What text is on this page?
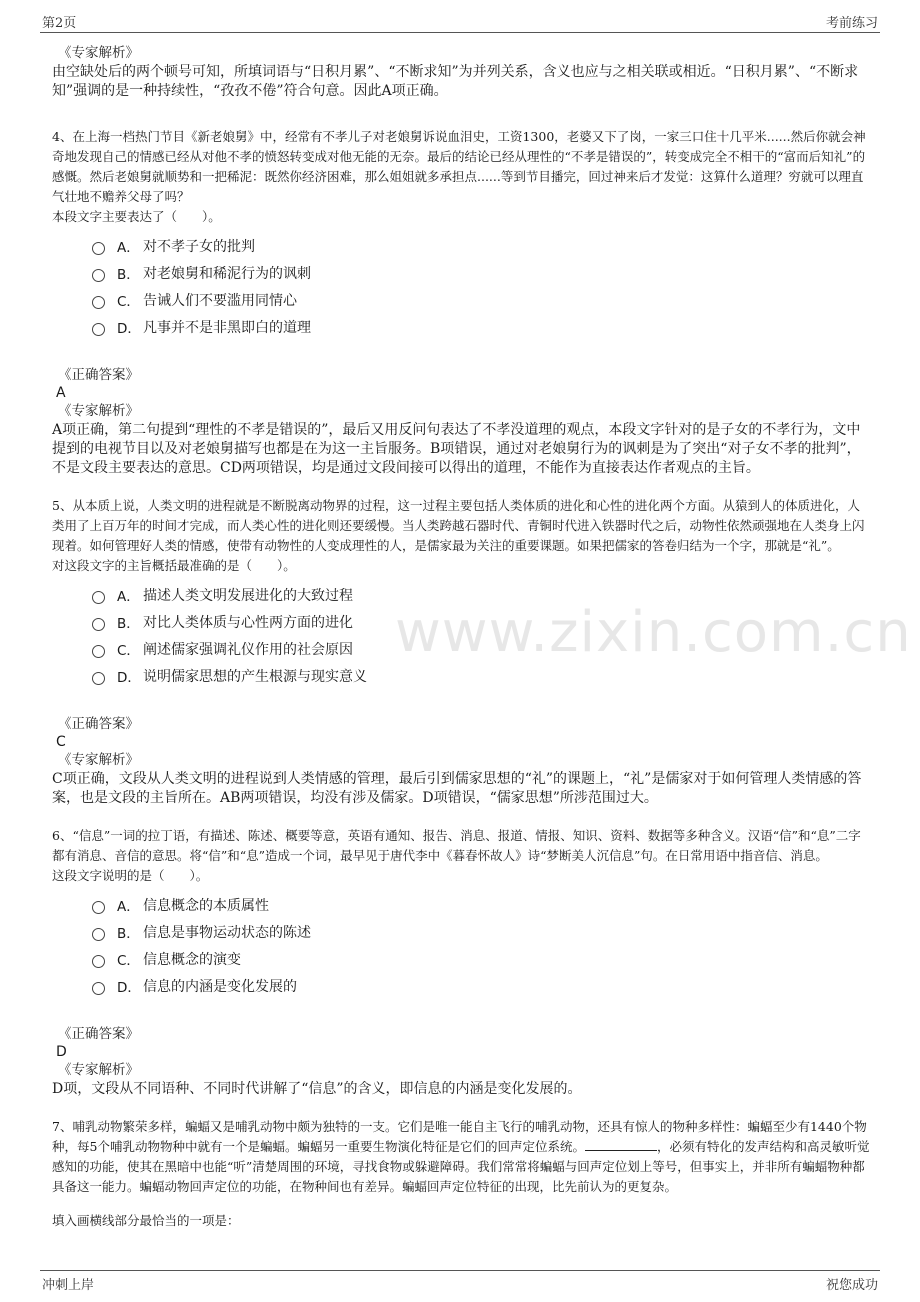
第2页	考前练习
www.zixin.com.cn
《专家解析》
由空缺处后的两个顿号可知，所填词语与“日积月累”、“不断求知”为并列关系，含义也应与之相关联或相近。“日积月累”、“不断求知”强调的是一种持续性，“孜孜不倦”符合句意。因此A项正确。
4、在上海一档热门节目《新老娘舅》中，经常有不孝儿子对老娘舅诉说血泪史，工资1300，老婆又下了岗，一家三口住十几平米......然后你就会神奇地发现自己的情感已经从对他不孝的愤怒转变成对他无能的无奈。最后的结论已经从理性的“不孝是错误的”，转变成完全不相干的“富而后知礼”的感慨。然后老娘舅就顺势和一把稀泥：既然你经济困难，那么姐姐就多承担点......等到节目播完，回过神来后才发觉：这算什么道理？穷就可以理直气壮地不赡养父母了吗？
本段文字主要表达了（　　）。
A． 对不孝子女的批判
B． 对老娘舅和稀泥行为的讽刺
C． 告诫人们不要滥用同情心
D． 凡事并不是非黑即白的道理
《正确答案》
A
《专家解析》
A项正确，第二句提到“理性的不孝是错误的”，最后又用反问句表达了不孝没道理的观点，本段文字针对的是子女的不孝行为，文中提到的电视节目以及对老娘舅描写也都是在为这一主旨服务。B项错误，通过对老娘舅行为的讽刺是为了突出“对子女不孝的批判”，不是文段主要表达的意思。CD两项错误，均是通过文段间接可以得出的道理，不能作为直接表达作者观点的主旨。
5、从本质上说，人类文明的进程就是不断脱离动物界的过程，这一过程主要包括人类体质的进化和心性的进化两个方面。从猿到人的体质进化，人类用了上百万年的时间才完成，而人类心性的进化则还要缓慢。当人类跨越石器时代、青铜时代进入铁器时代之后，动物性依然顽强地在人类身上闪现着。如何管理好人类的情感，使带有动物性的人变成理性的人，是儒家最为关注的重要课题。如果把儒家的答卷归结为一个字，那就是“礼”。
对这段文字的主旨概括最准确的是（　　）。
A． 描述人类文明发展进化的大致过程
B． 对比人类体质与心性两方面的进化
C． 阐述儒家强调礼仪作用的社会原因
D． 说明儒家思想的产生根源与现实意义
《正确答案》
C
《专家解析》
C项正确，文段从人类文明的进程说到人类情感的管理，最后引到儒家思想的“礼”的课题上，“礼”是儒家对于如何管理人类情感的答案，也是文段的主旨所在。AB两项错误，均没有涉及儒家。D项错误，“儒家思想”所涉范围过大。
6、“信息”一词的拉丁语，有描述、陈述、概要等意，英语有通知、报告、消息、报道、情报、知识、资料、数据等多种含义。汉语“信”和“息”二字都有消息、音信的意思。将“信”和“息”造成一个词，最早见于唐代李中《暮春怀故人》诗“梦断美人沉信息”句。在日常用语中指音信、消息。
这段文字说明的是（　　）。
A． 信息概念的本质属性
B． 信息是事物运动状态的陈述
C． 信息概念的演变
D． 信息的内涵是变化发展的
《正确答案》
D
《专家解析》
D项，文段从不同语种、不同时代讲解了“信息”的含义，即信息的内涵是变化发展的。
7、哺乳动物繁荣多样，蝙蝠又是哺乳动物中颇为独特的一支。它们是唯一能自主飞行的哺乳动物，还具有惊人的物种多样性：蝙蝠至少有1440个物种，每5个哺乳动物物种中就有一个是蝙蝠。蝙蝠另一重要生物演化特征是它们的回声定位系统。	，必须有特化的发声结构和高灵敏听觉感知的功能，使其在黑暗中也能“听”清楚周围的环境，寻找食物或躲避障碍。我们常常将蝙蝠与回声定位划上等号，但事实上，并非所有蝙蝠物种都具备这一能力。蝙蝠动物回声定位的功能，在物种间也有差异。蝙蝠回声定位特征的出现，比先前认为的更复杂。
填入画横线部分最恰当的一项是：
冲刺上岸	祝您成功
